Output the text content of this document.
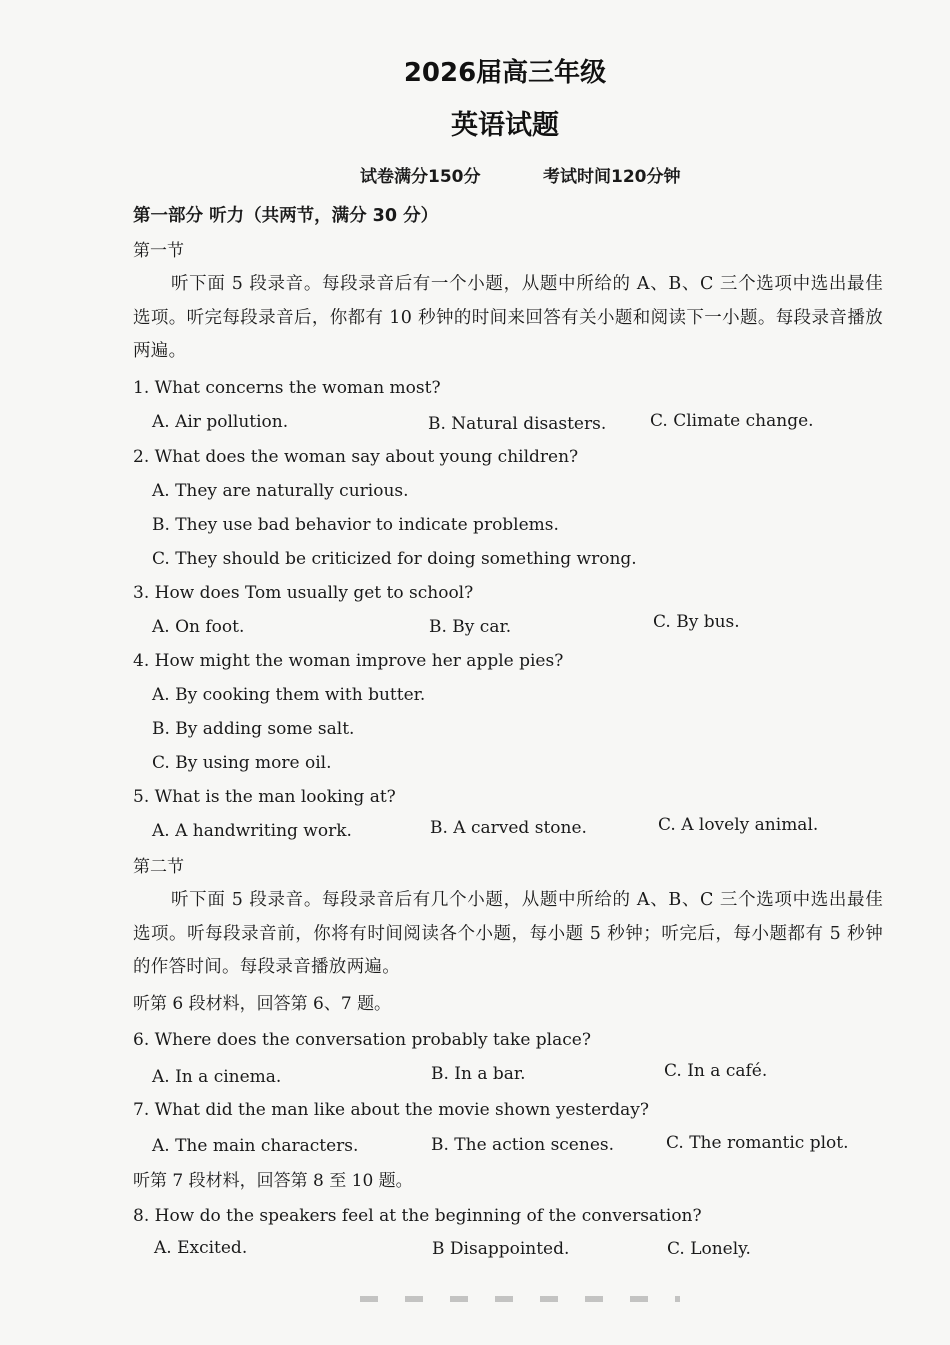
2026届高三年级
英语试题
试卷满分150分	考试时间120分钟
第一部分 听力（共两节，满分 30 分）
第一节
听下面 5 段录音。每段录音后有一个小题，从题中所给的 A、B、C 三个选项中选出最佳选项。听完每段录音后，你都有 10 秒钟的时间来回答有关小题和阅读下一小题。每段录音播放两遍。
1. What concerns the woman most?
A. Air pollution.	B. Natural disasters.	C. Climate change.
2. What does the woman say about young children?
A. They are naturally curious.
B. They use bad behavior to indicate problems.
C. They should be criticized for doing something wrong.
3. How does Tom usually get to school?
A. On foot.	B. By car.	C. By bus.
4. How might the woman improve her apple pies?
A. By cooking them with butter.
B. By adding some salt.
C. By using more oil.
5. What is the man looking at?
A. A handwriting work.	B. A carved stone.	C. A lovely animal.
第二节
听下面 5 段录音。每段录音后有几个小题，从题中所给的 A、B、C 三个选项中选出最佳选项。听每段录音前，你将有时间阅读各个小题，每小题 5 秒钟；听完后，每小题都有 5 秒钟的作答时间。每段录音播放两遍。
听第 6 段材料，回答第 6、7 题。
6. Where does the conversation probably take place?
A. In a cinema.	B. In a bar.	C. In a café.
7. What did the man like about the movie shown yesterday?
A. The main characters.	B. The action scenes.	C. The romantic plot.
听第 7 段材料，回答第 8 至 10 题。
8. How do the speakers feel at the beginning of the conversation?
A. Excited.	B Disappointed.	C. Lonely.
